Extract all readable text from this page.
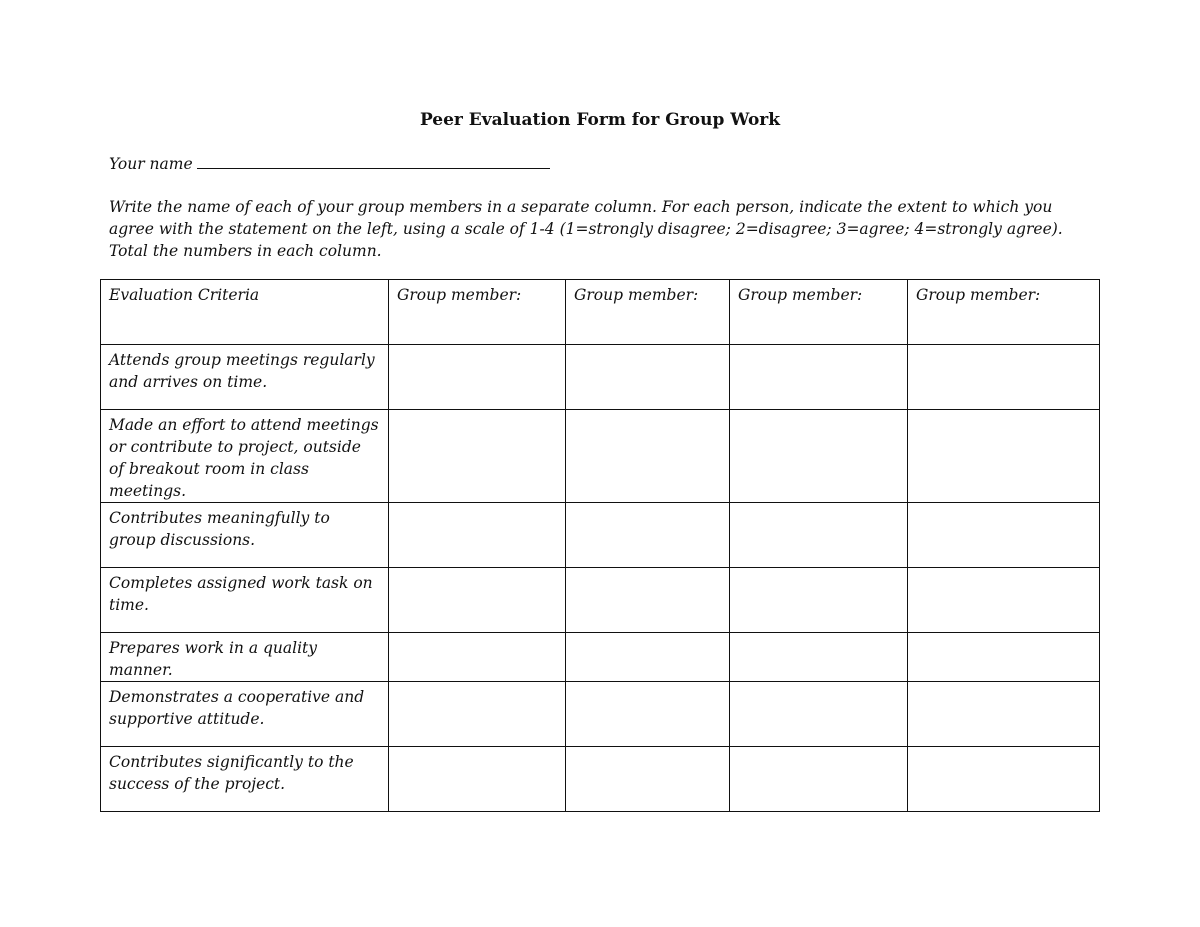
Peer Evaluation Form for Group Work
Your name
Write the name of each of your group members in a separate column. For each person, indicate the extent to which you agree with the statement on the left, using a scale of 1-4 (1=strongly disagree; 2=disagree; 3=agree; 4=strongly agree). Total the numbers in each column.
Evaluation Criteria	Group member:	Group member:	Group member:	Group member:
Attends group meetings regularly and arrives on time.				
Made an effort to attend meetings or contribute to project, outside of breakout room in class meetings.				
Contributes meaningfully to group discussions.				
Completes assigned work task on time.				
Prepares work in a quality manner.				
Demonstrates a cooperative and supportive attitude.				
Contributes significantly to the success of the project.				
